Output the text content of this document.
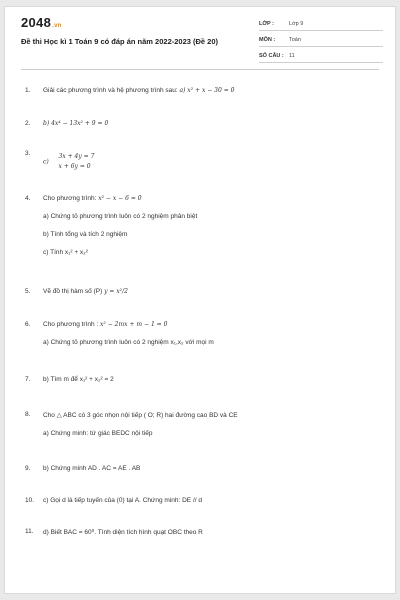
2048.vn
Đề thi Học kì 1 Toán 9 có đáp án năm 2022-2023 (Đề 20)
LỚP :	Lớp 9
MÔN :	Toán
SỐ CÂU : 11
1.	Giải các phương trình và hệ phương trình sau: a) x² + x − 30 = 0
2.	b) 4x⁴ − 13x² + 9 = 0
3.
c)
3x + 4y = 7
x + 6y = 0
4.	Cho phương trình: x² − x − 6 = 0
a) Chứng tỏ phương trình luôn có 2 nghiệm phân biệt
b) Tính tổng và tích 2 nghiệm
c) Tính x₁² + x₂²
5.	Vẽ đồ thị hàm số (P) y = x²/2
6.	Cho phương trình : x² − 2mx + m − 1 = 0
a) Chứng tỏ phương trình luôn có 2 nghiệm x₁,x₂ với mọi m
7.	b) Tìm m để x₁² + x₂² = 2
8.	Cho △ ABC có 3 góc nhọn nội tiếp ( O; R) hai đường cao BD và CE
a) Chứng minh: tứ giác BEDC nội tiếp
9.	b) Chứng minh AD . AC = AE . AB
10.	c) Gọi d là tiếp tuyến của (0) tại A. Chứng minh: DE // d
11.	d) Biết BAC = 60⁰. Tính diện tích hình quạt OBC theo R
